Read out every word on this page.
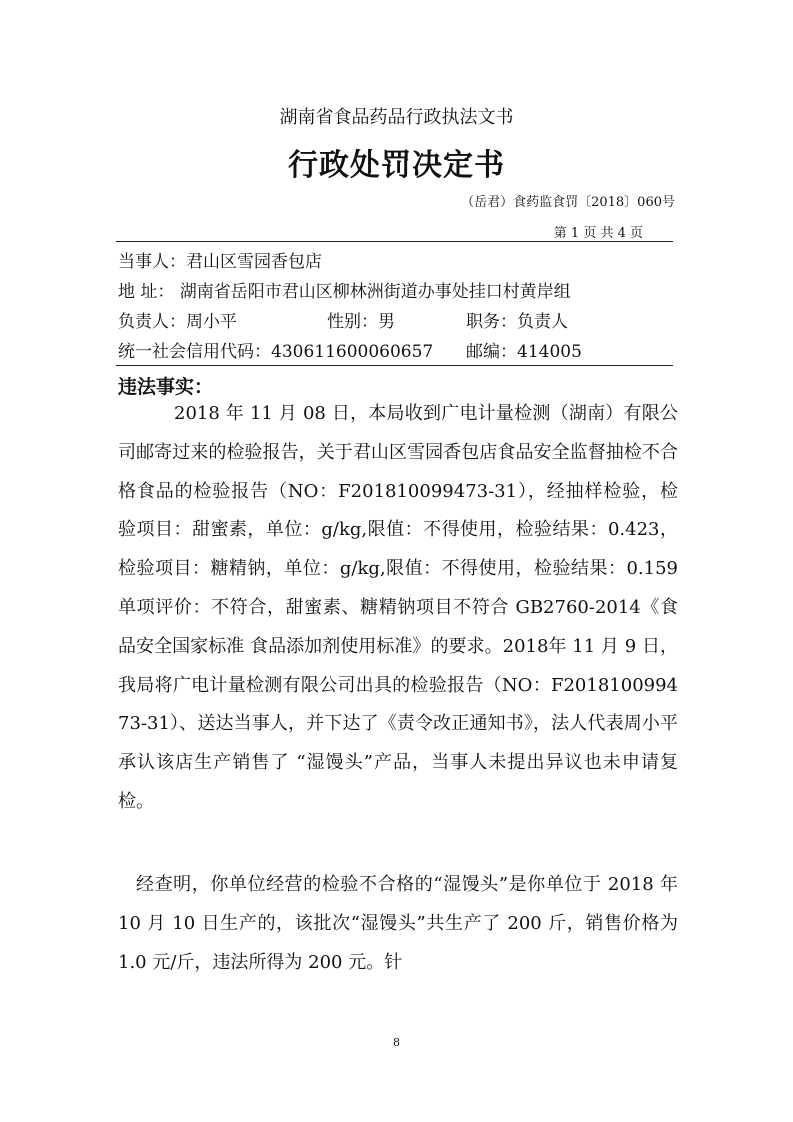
湖南省食品药品行政执法文书
行政处罚决定书
（岳君）食药监食罚〔2018〕060号
第 1 页 共 4 页
当事人：君山区雪园香包店
地 址： 湖南省岳阳市君山区柳林洲街道办事处挂口村黄岸组
负责人：周小平	性别：男	职务：负责人
统一社会信用代码：430611600060657 邮编：414005
违法事实：
2018 年 11 月 08 日，本局收到广电计量检测（湖南）有限公司邮寄过来的检验报告，关于君山区雪园香包店食品安全监督抽检不合格食品的检验报告（NO：F201810099473-31），经抽样检验，检验项目：甜蜜素，单位：g/kg,限值：不得使用，检验结果：0.423，检验项目：糖精钠，单位：g/kg,限值：不得使用，检验结果：0.159 单项评价：不符合，甜蜜素、糖精钠项目不符合 GB2760-2014《食品安全国家标准 食品添加剂使用标准》的要求。2018年 11 月 9 日，我局将广电计量检测有限公司出具的检验报告（NO：F201810099473-31）、送达当事人，并下达了《责令改正通知书》，法人代表周小平承认该店生产销售了 “湿馒头”产品，当事人未提出异议也未申请复检。
经查明，你单位经营的检验不合格的“湿馒头”是你单位于 2018 年 10 月 10 日生产的，该批次“湿馒头”共生产了 200 斤，销售价格为 1.0 元/斤，违法所得为 200 元。针
8
